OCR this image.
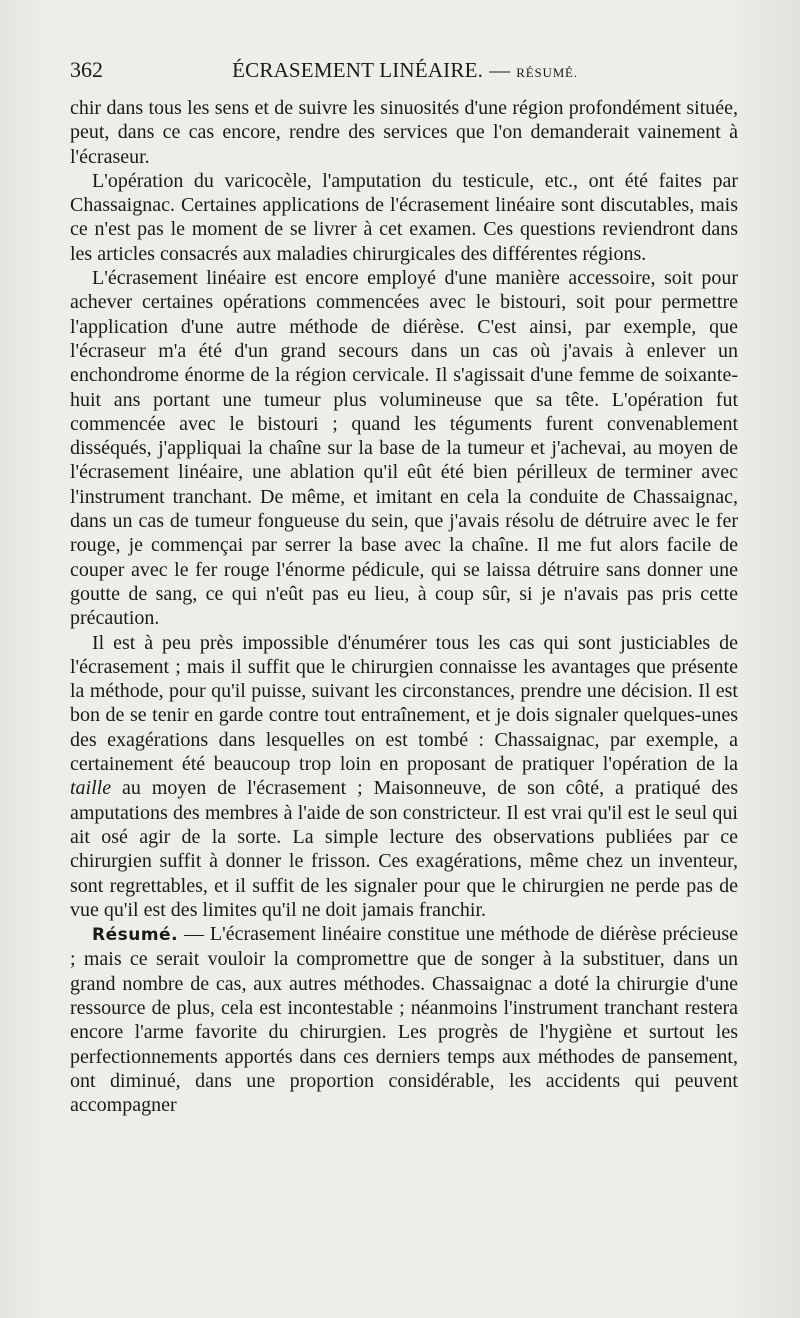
362	ÉCRASEMENT LINÉAIRE. — RÉSUMÉ.

chir dans tous les sens et de suivre les sinuosités d'une région profondément située, peut, dans ce cas encore, rendre des services que l'on demanderait vainement à l'écraseur.

L'opération du varicocèle, l'amputation du testicule, etc., ont été faites par Chassaignac. Certaines applications de l'écrasement linéaire sont discutables, mais ce n'est pas le moment de se livrer à cet examen. Ces questions reviendront dans les articles consacrés aux maladies chirurgicales des différentes régions.

L'écrasement linéaire est encore employé d'une manière accessoire, soit pour achever certaines opérations commencées avec le bistouri, soit pour permettre l'application d'une autre méthode de diérèse. C'est ainsi, par exemple, que l'écraseur m'a été d'un grand secours dans un cas où j'avais à enlever un enchondrome énorme de la région cervicale. Il s'agissait d'une femme de soixante-huit ans portant une tumeur plus volumineuse que sa tête. L'opération fut commencée avec le bistouri ; quand les téguments furent convenablement disséqués, j'appliquai la chaîne sur la base de la tumeur et j'achevai, au moyen de l'écrasement linéaire, une ablation qu'il eût été bien périlleux de terminer avec l'instrument tranchant. De même, et imitant en cela la conduite de Chassaignac, dans un cas de tumeur fongueuse du sein, que j'avais résolu de détruire avec le fer rouge, je commençai par serrer la base avec la chaîne. Il me fut alors facile de couper avec le fer rouge l'énorme pédicule, qui se laissa détruire sans donner une goutte de sang, ce qui n'eût pas eu lieu, à coup sûr, si je n'avais pas pris cette précaution.

Il est à peu près impossible d'énumérer tous les cas qui sont justiciables de l'écrasement ; mais il suffit que le chirurgien connaisse les avantages que présente la méthode, pour qu'il puisse, suivant les circonstances, prendre une décision. Il est bon de se tenir en garde contre tout entraînement, et je dois signaler quelques-unes des exagérations dans lesquelles on est tombé : Chassaignac, par exemple, a certainement été beaucoup trop loin en proposant de pratiquer l'opération de la taille au moyen de l'écrasement ; Maisonneuve, de son côté, a pratiqué des amputations des membres à l'aide de son constricteur. Il est vrai qu'il est le seul qui ait osé agir de la sorte. La simple lecture des observations publiées par ce chirurgien suffit à donner le frisson. Ces exagérations, même chez un inventeur, sont regrettables, et il suffit de les signaler pour que le chirurgien ne perde pas de vue qu'il est des limites qu'il ne doit jamais franchir.

Résumé. — L'écrasement linéaire constitue une méthode de diérèse précieuse ; mais ce serait vouloir la compromettre que de songer à la substituer, dans un grand nombre de cas, aux autres méthodes. Chassaignac a doté la chirurgie d'une ressource de plus, cela est incontestable ; néanmoins l'instrument tranchant restera encore l'arme favorite du chirurgien. Les progrès de l'hygiène et surtout les perfectionnements apportés dans ces derniers temps aux méthodes de pansement, ont diminué, dans une proportion considérable, les accidents qui peuvent accompagner
